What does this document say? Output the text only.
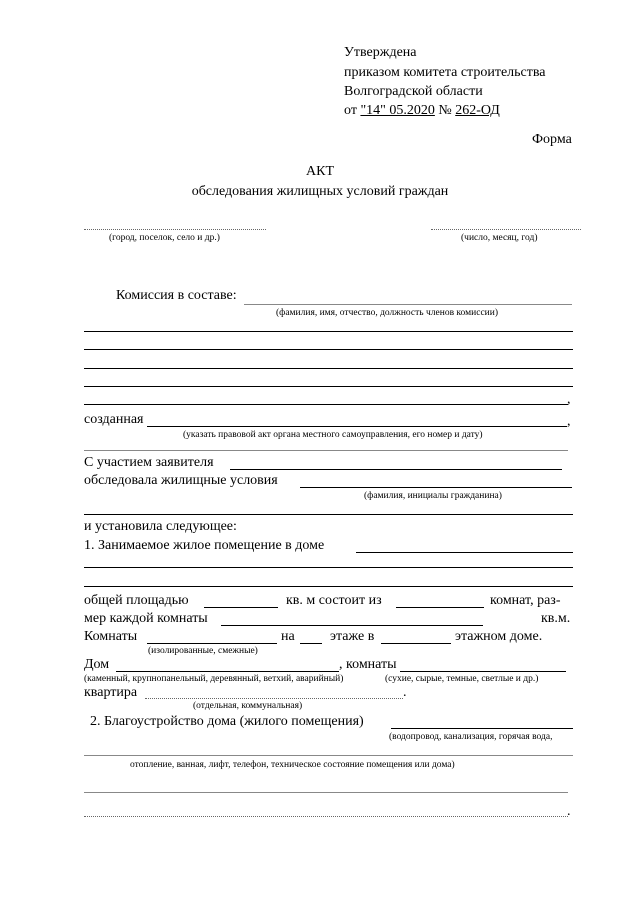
Утверждена
приказом комитета строительства
Волгоградской области
от "14" 05.2020 № 262-ОД
Форма
АКТ
обследования жилищных условий граждан
(город, поселок, село и др.)	(число, месяц, год)
Комиссия в составе:
(фамилия, имя, отчество, должность членов комиссии)
,
созданная	,
(указать правовой акт органа местного самоуправления, его номер и дату)
С участием заявителя
обследовала жилищные условия
(фамилия, инициалы гражданина)
и установила следующее:
1. Занимаемое жилое помещение в доме
общей площадью	кв. м состоит из	комнат, раз-
мер каждой комнаты	кв.м.
Комнаты	на	этаже в	этажном доме.
(изолированные, смежные)
Дом	, комнаты
(каменный, крупнопанельный, деревянный, ветхий, аварийный)	(сухие, сырые, темные, светлые и др.)
квартира	.
(отдельная, коммунальная)
2. Благоустройство дома (жилого помещения)
(водопровод, канализация, горячая вода,
отопление, ванная, лифт, телефон, техническое состояние помещения или дома)
.
